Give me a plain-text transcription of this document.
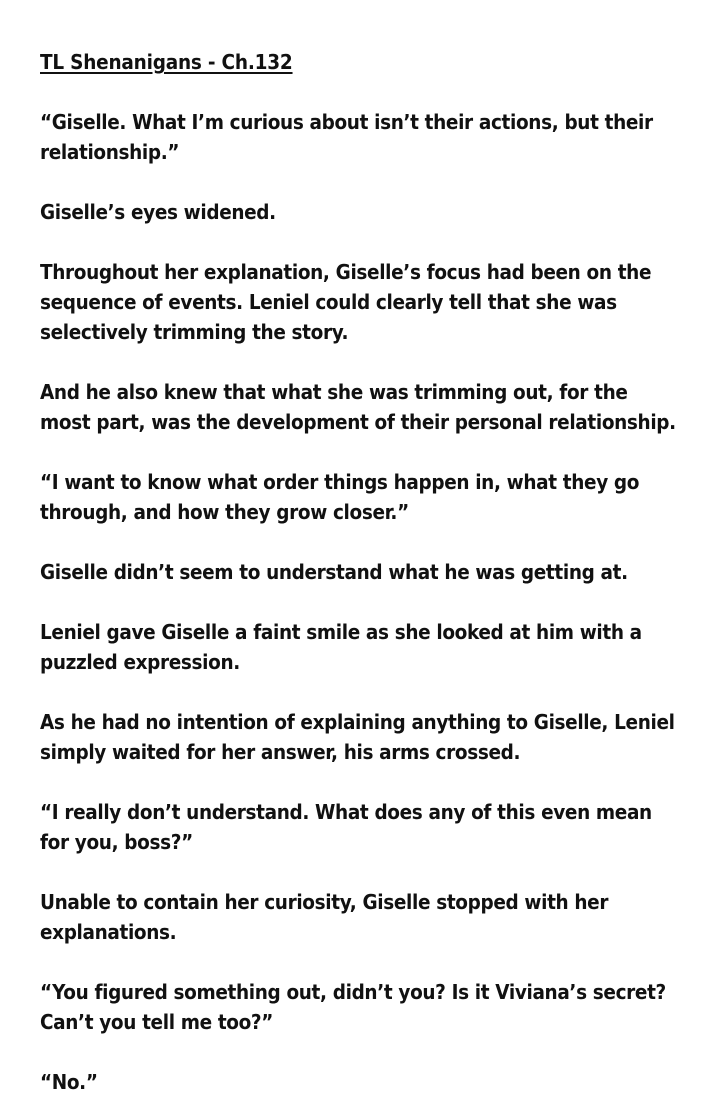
TL Shenanigans - Ch.132
“Giselle. What I’m curious about isn’t their actions, but their
relationship.”
Giselle’s eyes widened.
Throughout her explanation, Giselle’s focus had been on the
sequence of events. Leniel could clearly tell that she was
selectively trimming the story.
And he also knew that what she was trimming out, for the
most part, was the development of their personal relationship.
“I want to know what order things happen in, what they go
through, and how they grow closer.”
Giselle didn’t seem to understand what he was getting at.
Leniel gave Giselle a faint smile as she looked at him with a
puzzled expression.
As he had no intention of explaining anything to Giselle, Leniel
simply waited for her answer, his arms crossed.
“I really don’t understand. What does any of this even mean
for you, boss?”
Unable to contain her curiosity, Giselle stopped with her
explanations.
“You figured something out, didn’t you? Is it Viviana’s secret?
Can’t you tell me too?”
“No.”
